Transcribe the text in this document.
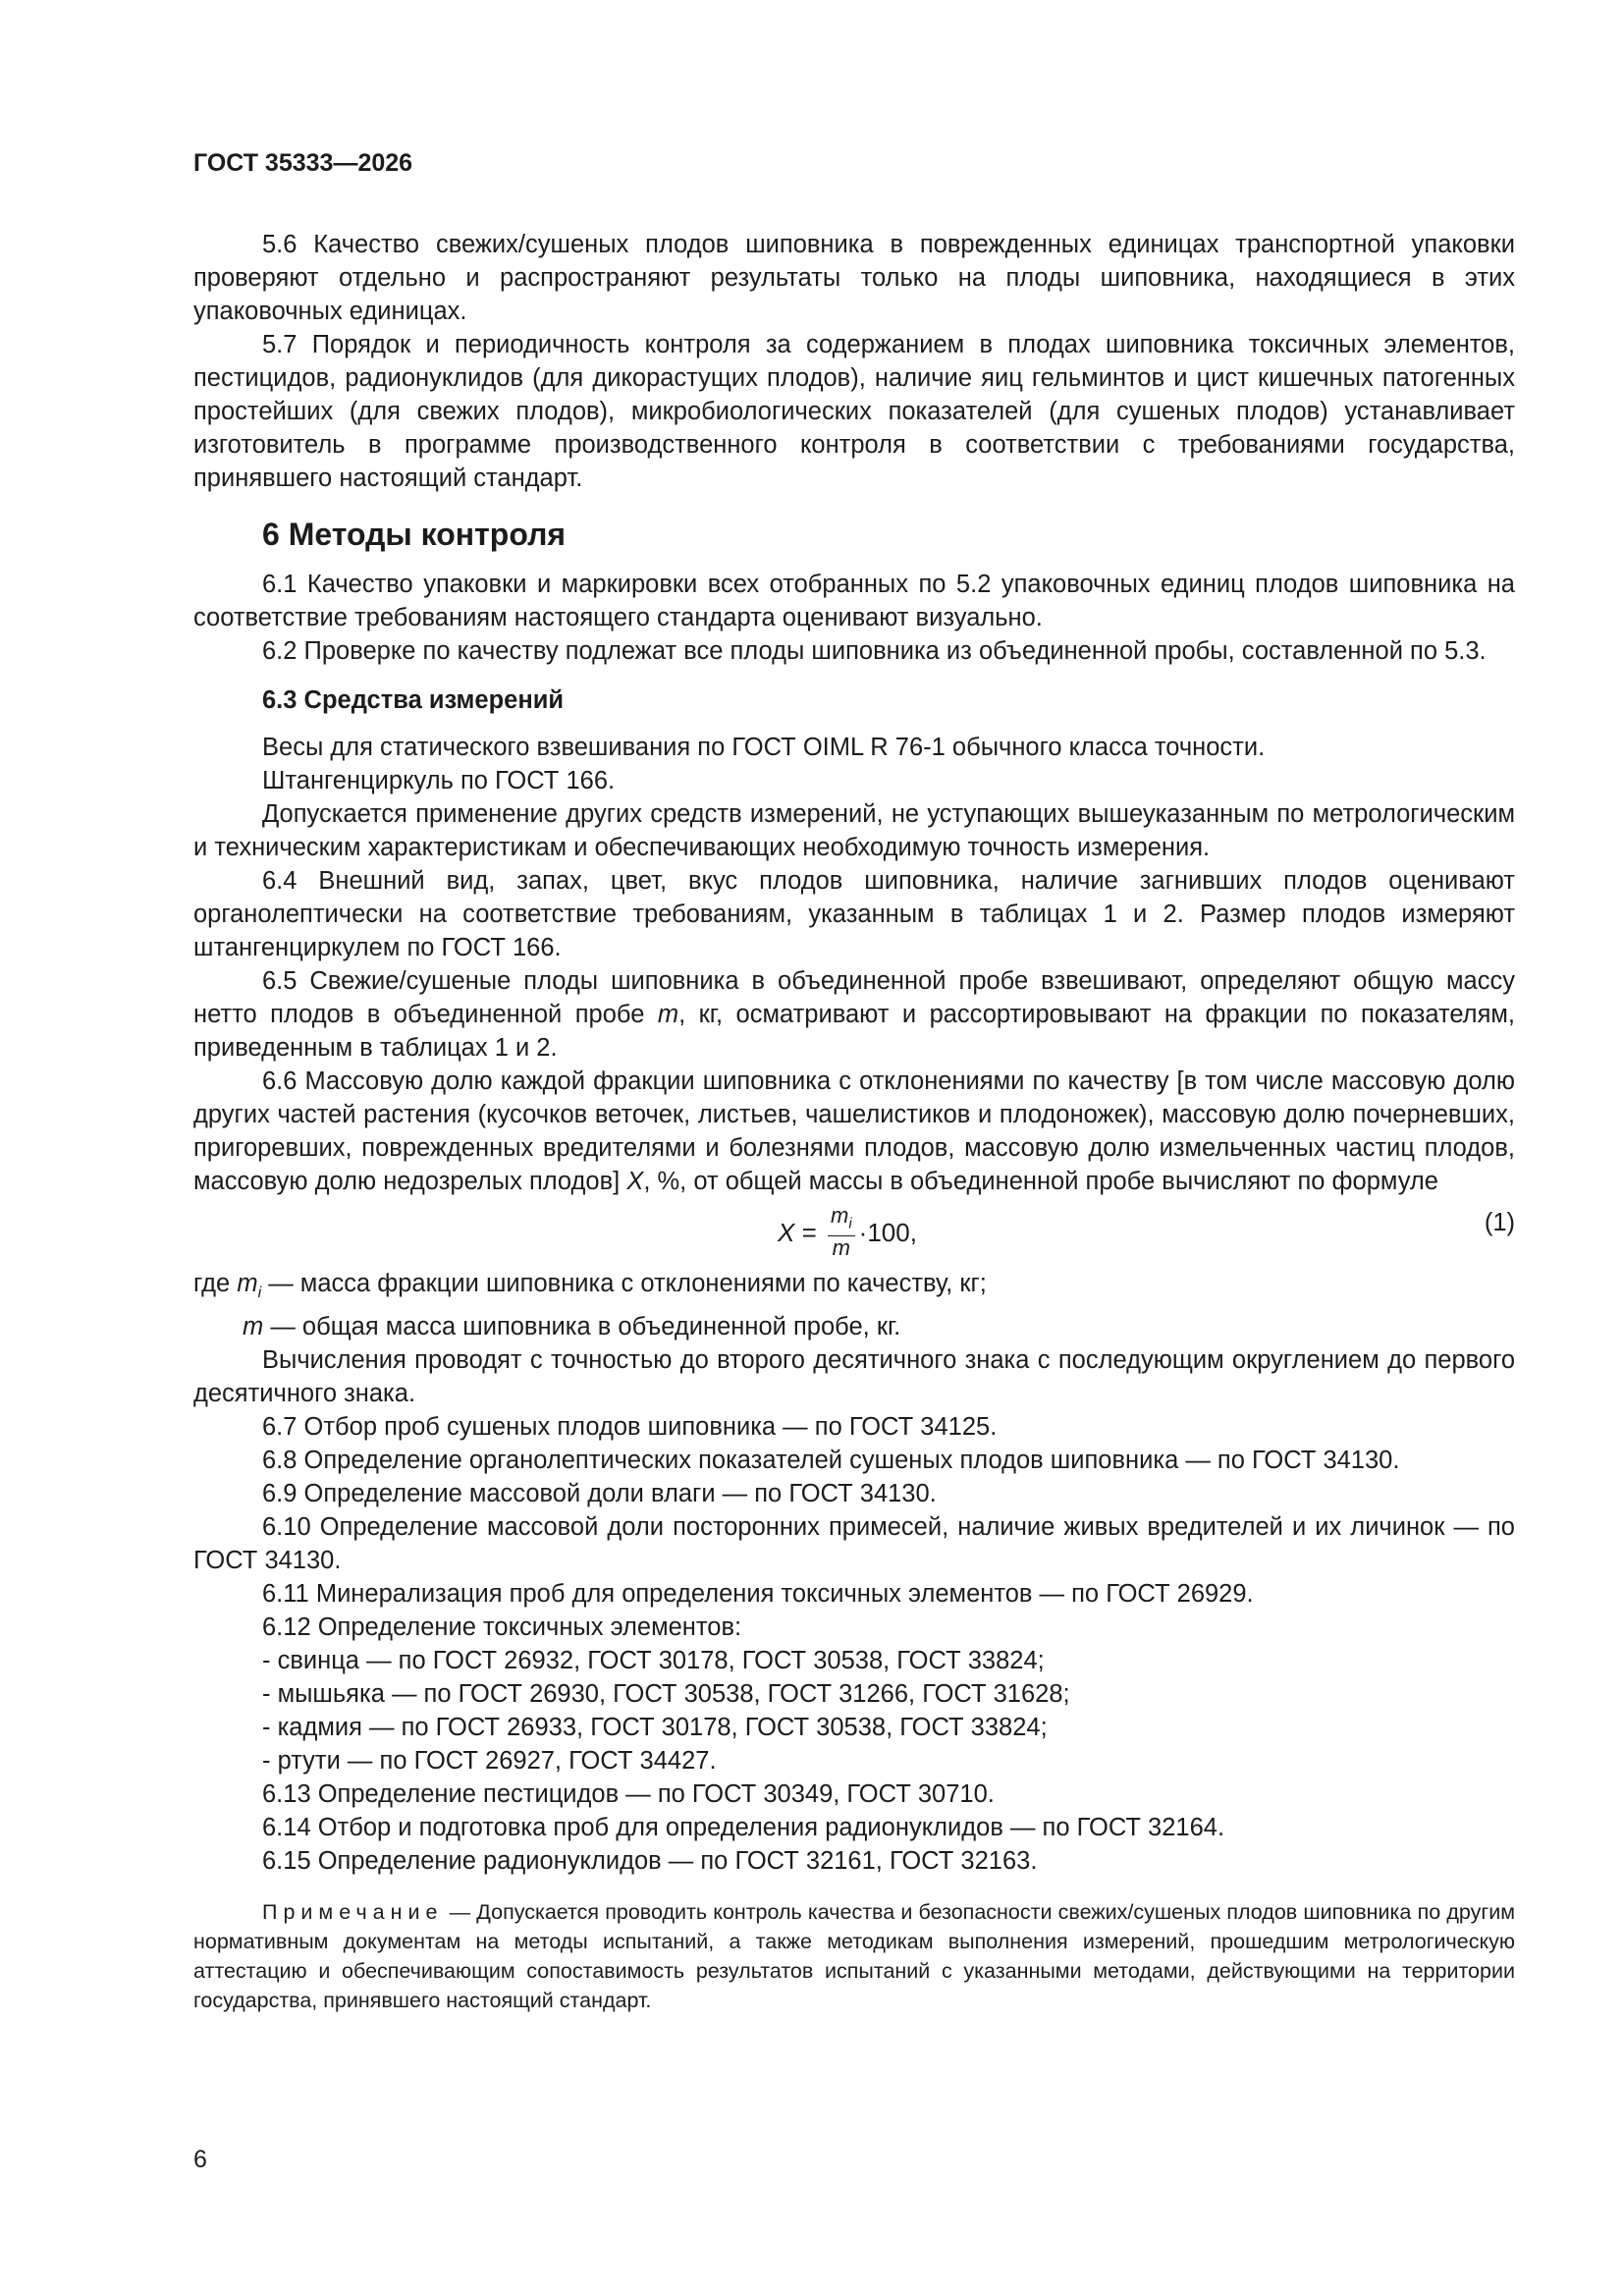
ГОСТ 35333—2026

5.6 Качество свежих/сушеных плодов шиповника в поврежденных единицах транспортной упаковки проверяют отдельно и распространяют результаты только на плоды шиповника, находящиеся в этих упаковочных единицах.

5.7 Порядок и периодичность контроля за содержанием в плодах шиповника токсичных элементов, пестицидов, радионуклидов (для дикорастущих плодов), наличие яиц гельминтов и цист кишечных патогенных простейших (для свежих плодов), микробиологических показателей (для сушеных плодов) устанавливает изготовитель в программе производственного контроля в соответствии с требованиями государства, принявшего настоящий стандарт.

6 Методы контроля

6.1 Качество упаковки и маркировки всех отобранных по 5.2 упаковочных единиц плодов шиповника на соответствие требованиям настоящего стандарта оценивают визуально.

6.2 Проверке по качеству подлежат все плоды шиповника из объединенной пробы, составленной по 5.3.

6.3 Средства измерений

Весы для статического взвешивания по ГОСТ OIML R 76-1 обычного класса точности.

Штангенциркуль по ГОСТ 166.

Допускается применение других средств измерений, не уступающих вышеуказанным по метрологическим и техническим характеристикам и обеспечивающих необходимую точность измерения.

6.4 Внешний вид, запах, цвет, вкус плодов шиповника, наличие загнивших плодов оценивают органолептически на соответствие требованиям, указанным в таблицах 1 и 2. Размер плодов измеряют штангенциркулем по ГОСТ 166.

6.5 Свежие/сушеные плоды шиповника в объединенной пробе взвешивают, определяют общую массу нетто плодов в объединенной пробе m, кг, осматривают и рассортировывают на фракции по показателям, приведенным в таблицах 1 и 2.

6.6 Массовую долю каждой фракции шиповника с отклонениями по качеству [в том числе массовую долю других частей растения (кусочков веточек, листьев, чашелистиков и плодоножек), массовую долю почерневших, пригоревших, поврежденных вредителями и болезнями плодов, массовую долю измельченных частиц плодов, массовую долю недозрелых плодов] X, %, от общей массы в объединенной пробе вычисляют по формуле

$X = \frac{m_i}{m} \cdot 100$,	(1)

где $m_i$ — масса фракции шиповника с отклонениями по качеству, кг;

m — общая масса шиповника в объединенной пробе, кг.

Вычисления проводят с точностью до второго десятичного знака с последующим округлением до первого десятичного знака.

6.7 Отбор проб сушеных плодов шиповника — по ГОСТ 34125.

6.8 Определение органолептических показателей сушеных плодов шиповника — по ГОСТ 34130.

6.9 Определение массовой доли влаги — по ГОСТ 34130.

6.10 Определение массовой доли посторонних примесей, наличие живых вредителей и их личинок — по ГОСТ 34130.

6.11 Минерализация проб для определения токсичных элементов — по ГОСТ 26929.

6.12 Определение токсичных элементов:

- свинца — по ГОСТ 26932, ГОСТ 30178, ГОСТ 30538, ГОСТ 33824;

- мышьяка — по ГОСТ 26930, ГОСТ 30538, ГОСТ 31266, ГОСТ 31628;

- кадмия — по ГОСТ 26933, ГОСТ 30178, ГОСТ 30538, ГОСТ 33824;

- ртути — по ГОСТ 26927, ГОСТ 34427.

6.13 Определение пестицидов — по ГОСТ 30349, ГОСТ 30710.

6.14 Отбор и подготовка проб для определения радионуклидов — по ГОСТ 32164.

6.15 Определение радионуклидов — по ГОСТ 32161, ГОСТ 32163.

Примечание — Допускается проводить контроль качества и безопасности свежих/сушеных плодов шиповника по другим нормативным документам на методы испытаний, а также методикам выполнения измерений, прошедшим метрологическую аттестацию и обеспечивающим сопоставимость результатов испытаний с указанными методами, действующими на территории государства, принявшего настоящий стандарт.

6
